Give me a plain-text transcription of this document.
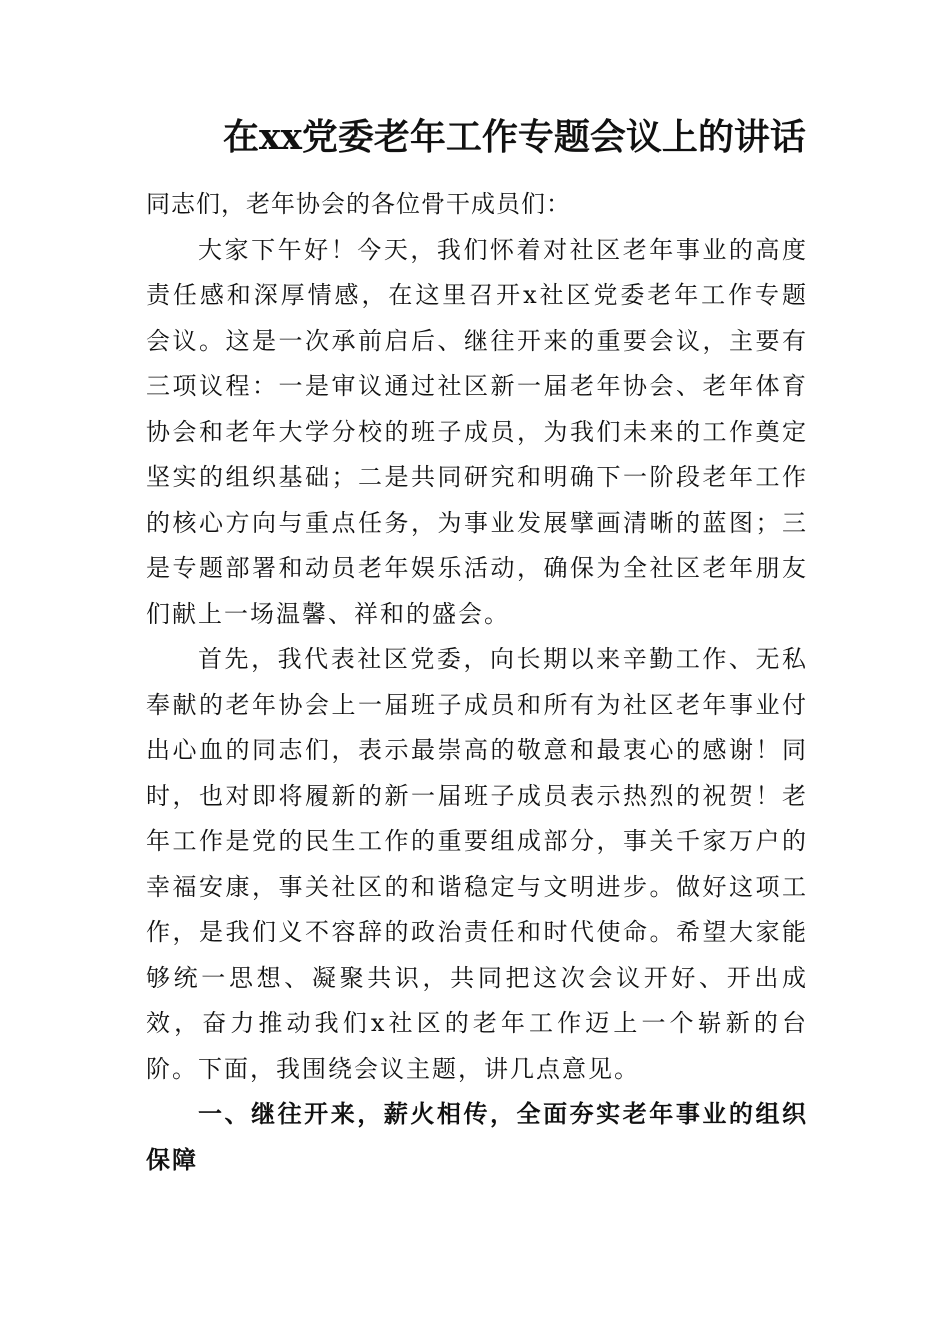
在xx党委老年工作专题会议上的讲话

同志们，老年协会的各位骨干成员们：

大家下午好！今天，我们怀着对社区老年事业的高度责任感和深厚情感，在这里召开x社区党委老年工作专题会议。这是一次承前启后、继往开来的重要会议，主要有三项议程：一是审议通过社区新一届老年协会、老年体育协会和老年大学分校的班子成员，为我们未来的工作奠定坚实的组织基础；二是共同研究和明确下一阶段老年工作的核心方向与重点任务，为事业发展擘画清晰的蓝图；三是专题部署和动员老年娱乐活动，确保为全社区老年朋友们献上一场温馨、祥和的盛会。

首先，我代表社区党委，向长期以来辛勤工作、无私奉献的老年协会上一届班子成员和所有为社区老年事业付出心血的同志们，表示最崇高的敬意和最衷心的感谢！同时，也对即将履新的新一届班子成员表示热烈的祝贺！老年工作是党的民生工作的重要组成部分，事关千家万户的幸福安康，事关社区的和谐稳定与文明进步。做好这项工作，是我们义不容辞的政治责任和时代使命。希望大家能够统一思想、凝聚共识，共同把这次会议开好、开出成效，奋力推动我们x社区的老年工作迈上一个崭新的台阶。下面，我围绕会议主题，讲几点意见。

一、继往开来，薪火相传，全面夯实老年事业的组织保障
